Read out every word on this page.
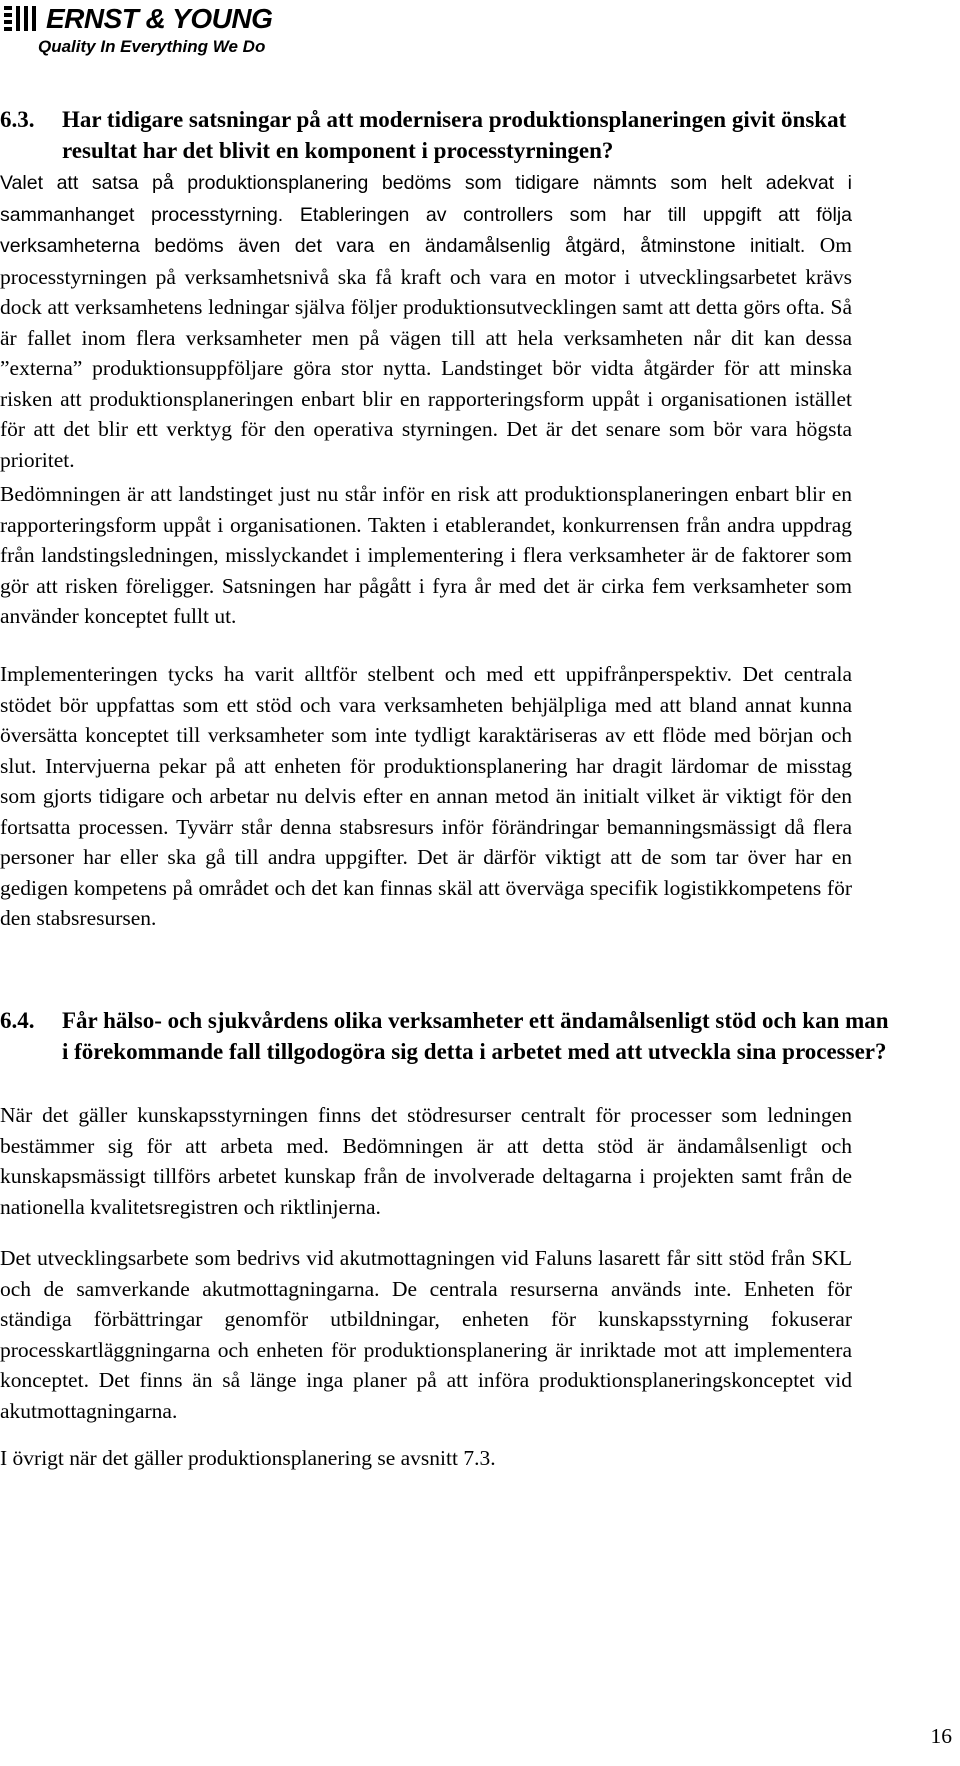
ERNST & YOUNG
Quality In Everything We Do
6.3. Har tidigare satsningar på att modernisera produktionsplaneringen givit önskat resultat har det blivit en komponent i processtyrningen?
Valet att satsa på produktionsplanering bedöms som tidigare nämnts som helt adekvat i sammanhanget processtyrning. Etableringen av controllers som har till uppgift att följa verksamheterna bedöms även det vara en ändamålsenlig åtgärd, åtminstone initialt. Om processtyrningen på verksamhetsnivå ska få kraft och vara en motor i utvecklingsarbetet krävs dock att verksamhetens ledningar själva följer produktionsutvecklingen samt att detta görs ofta. Så är fallet inom flera verksamheter men på vägen till att hela verksamheten når dit kan dessa ”externa” produktionsuppföljare göra stor nytta. Landstinget bör vidta åtgärder för att minska risken att produktionsplaneringen enbart blir en rapporteringsform uppåt i organisationen istället för att det blir ett verktyg för den operativa styrningen. Det är det senare som bör vara högsta prioritet.
Bedömningen är att landstinget just nu står inför en risk att produktionsplaneringen enbart blir en rapporteringsform uppåt i organisationen. Takten i etablerandet, konkurrensen från andra uppdrag från landstingsledningen, misslyckandet i implementering i flera verksamheter är de faktorer som gör att risken föreligger. Satsningen har pågått i fyra år med det är cirka fem verksamheter som använder konceptet fullt ut.
Implementeringen tycks ha varit alltför stelbent och med ett uppifrånperspektiv. Det centrala stödet bör uppfattas som ett stöd och vara verksamheten behjälpliga med att bland annat kunna översätta konceptet till verksamheter som inte tydligt karaktäriseras av ett flöde med början och slut. Intervjuerna pekar på att enheten för produktionsplanering har dragit lärdomar de misstag som gjorts tidigare och arbetar nu delvis efter en annan metod än initialt vilket är viktigt för den fortsatta processen. Tyvärr står denna stabsresurs inför förändringar bemanningsmässigt då flera personer har eller ska gå till andra uppgifter. Det är därför viktigt att de som tar över har en gedigen kompetens på området och det kan finnas skäl att överväga specifik logistikkompetens för den stabsresursen.
6.4. Får hälso- och sjukvårdens olika verksamheter ett ändamålsenligt stöd och kan man i förekommande fall tillgodogöra sig detta i arbetet med att utveckla sina processer?
När det gäller kunskapsstyrningen finns det stödresurser centralt för processer som ledningen bestämmer sig för att arbeta med. Bedömningen är att detta stöd är ändamålsenligt och kunskapsmässigt tillförs arbetet kunskap från de involverade deltagarna i projekten samt från de nationella kvalitetsregistren och riktlinjerna.
Det utvecklingsarbete som bedrivs vid akutmottagningen vid Faluns lasarett får sitt stöd från SKL och de samverkande akutmottagningarna. De centrala resurserna används inte. Enheten för ständiga förbättringar genomför utbildningar, enheten för kunskapsstyrning fokuserar processkartläggningarna och enheten för produktionsplanering är inriktade mot att implementera konceptet. Det finns än så länge inga planer på att införa produktionsplaneringskonceptet vid akutmottagningarna.
I övrigt när det gäller produktionsplanering se avsnitt 7.3.
16
